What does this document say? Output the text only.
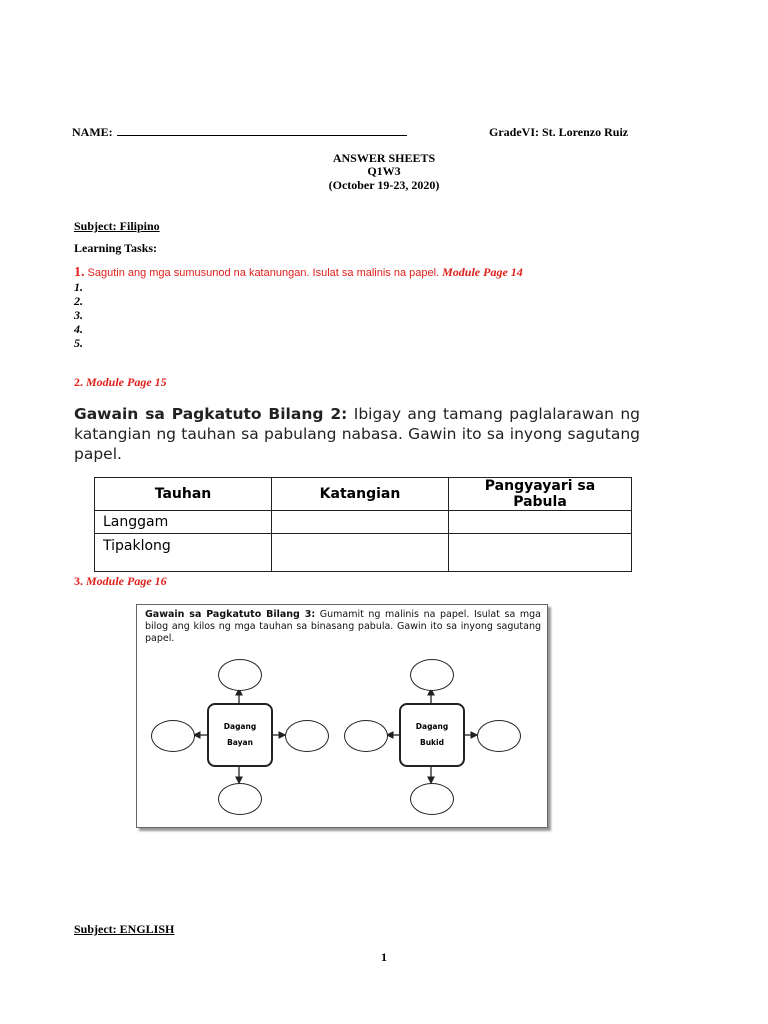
NAME:	GradeVI: St. Lorenzo Ruiz
ANSWER SHEETS
Q1W3
(October 19-23, 2020)
Subject: Filipino
Learning Tasks:
1. Sagutin ang mga sumusunod na katanungan. Isulat sa malinis na papel. Module Page 14
1.
2.
3.
4.
5.
2. Module Page 15
Gawain sa Pagkatuto Bilang 2: Ibigay ang tamang paglalarawan ng katangian ng tauhan sa pabulang nabasa. Gawin ito sa inyong sagutang papel.
Tauhan	Katangian	Pangyayari sa Pabula
Langgam		
Tipaklong		
3. Module Page 16
Gawain sa Pagkatuto Bilang 3: Gumamit ng malinis na papel. Isulat sa mga bilog ang kilos ng mga tauhan sa binasang pabula. Gawin ito sa inyong sagutang papel.
Dagang
Bayan
Dagang
Bukid
Subject: ENGLISH
1
